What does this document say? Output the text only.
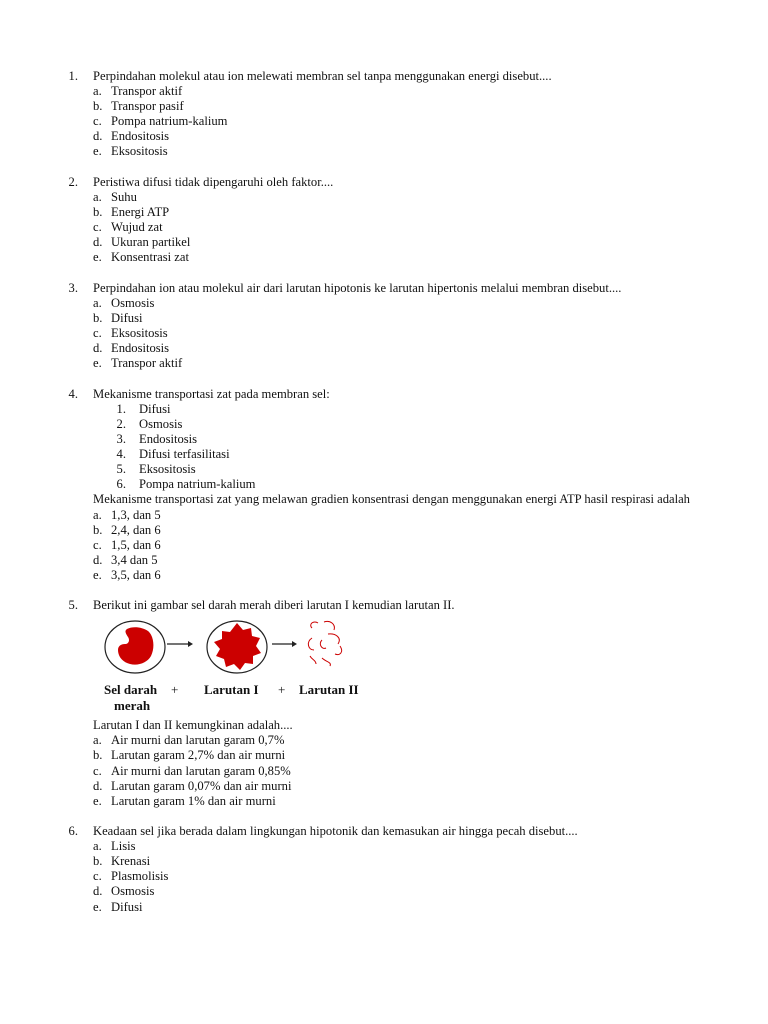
1. Perpindahan molekul atau ion melewati membran sel tanpa menggunakan energi disebut....
a. Transpor aktif
b. Transpor pasif
c. Pompa natrium-kalium
d. Endositosis
e. Eksositosis
2. Peristiwa difusi tidak dipengaruhi oleh faktor....
a. Suhu
b. Energi ATP
c. Wujud zat
d. Ukuran partikel
e. Konsentrasi zat
3. Perpindahan ion atau molekul air dari larutan hipotonis ke larutan hipertonis melalui membran disebut....
a. Osmosis
b. Difusi
c. Eksositosis
d. Endositosis
e. Transpor aktif
4. Mekanisme transportasi zat pada membran sel:
1. Difusi
2. Osmosis
3. Endositosis
4. Difusi terfasilitasi
5. Eksositosis
6. Pompa natrium-kalium
Mekanisme transportasi zat yang melawan gradien konsentrasi dengan menggunakan energi ATP hasil respirasi adalah
a. 1,3, dan 5
b. 2,4, dan 6
c. 1,5, dan 6
d. 3,4 dan 5
e. 3,5, dan 6
5. Berikut ini gambar sel darah merah diberi larutan I kemudian larutan II.
Sel darah
merah
+ Larutan I + Larutan II
Larutan I dan II kemungkinan adalah....
a. Air murni dan larutan garam 0,7%
b. Larutan garam 2,7% dan air murni
c. Air murni dan larutan garam 0,85%
d. Larutan garam 0,07% dan air murni
e. Larutan garam 1% dan air murni
6. Keadaan sel jika berada dalam lingkungan hipotonik dan kemasukan air hingga pecah disebut....
a. Lisis
b. Krenasi
c. Plasmolisis
d. Osmosis
e. Difusi
